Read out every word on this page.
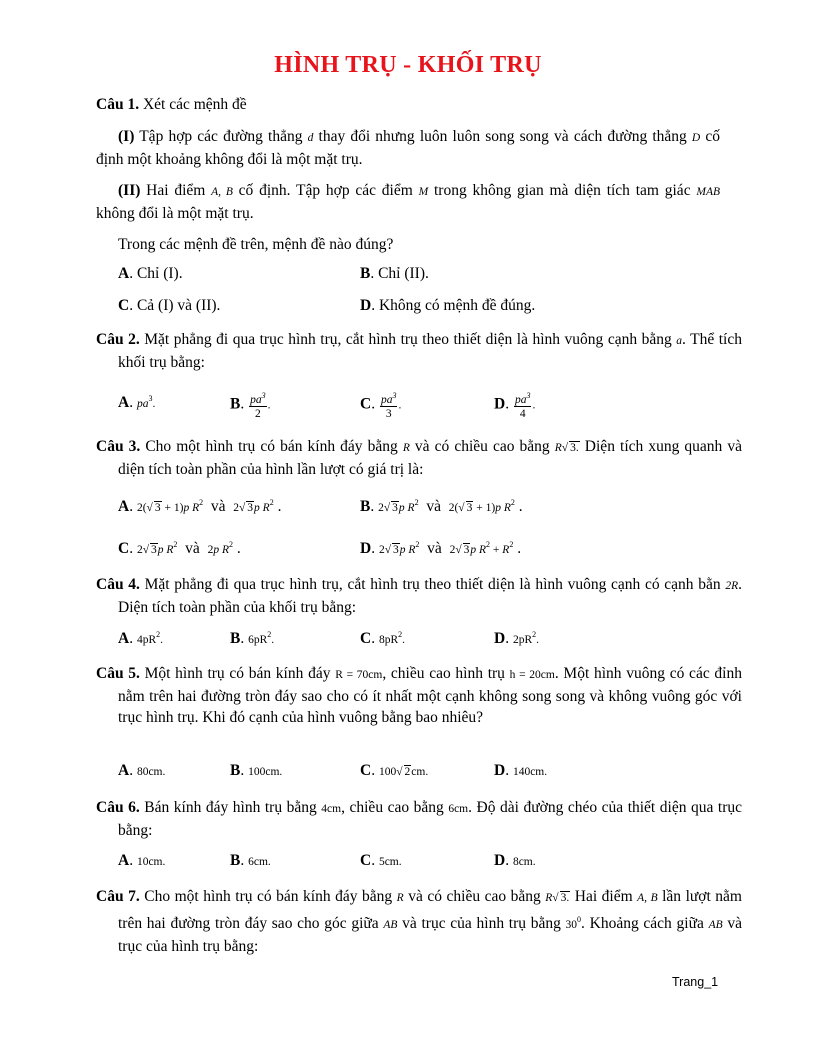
HÌNH TRỤ - KHỐI TRỤ
Câu 1. Xét các mệnh đề
(I) Tập hợp các đường thẳng d thay đổi nhưng luôn luôn song song và cách đường thẳng D cố định một khoảng không đổi là một mặt trụ.
(II) Hai điểm A, B cố định. Tập hợp các điểm M trong không gian mà diện tích tam giác MAB không đổi là một mặt trụ.
Trong các mệnh đề trên, mệnh đề nào đúng?
A. Chỉ (I).	B. Chỉ (II).
C. Cả (I) và (II).	D. Không có mệnh đề đúng.
Câu 2. Mặt phẳng đi qua trục hình trụ, cắt hình trụ theo thiết diện là hình vuông cạnh bằng a. Thể tích khối trụ bằng:
A. $pa^3$.	B. $\frac{pa^3}{2}$ .	C. $\frac{pa^3}{3}$ .	D. $\frac{pa^3}{4}$ .
Câu 3. Cho một hình trụ có bán kính đáy bằng R và có chiều cao bằng R√ 3. Diện tích xung quanh và diện tích toàn phần của hình lần lượt có giá trị là:
A. 2(√ 3 + 1)p $R^2$ và 2√ 3p $R^2$ .	B. 2√ 3p $R^2$ và 2(√ 3 + 1)p $R^2$ .
C. 2√ 3p $R^2$ và 2p $R^2$ .	D. 2√ 3p $R^2$ và 2√ 3p $R^2 + R^2$ .
Câu 4. Mặt phẳng đi qua trục hình trụ, cắt hình trụ theo thiết diện là hình vuông cạnh có cạnh bằn 2R. Diện tích toàn phần của khối trụ bằng:
A. $4pR^2$.	B. $6pR^2$.	C. $8pR^2$.	D. $2pR^2$.
Câu 5. Một hình trụ có bán kính đáy R = 70cm, chiều cao hình trụ h = 20cm. Một hình vuông có các đỉnh nằm trên hai đường tròn đáy sao cho có ít nhất một cạnh không song song và không vuông góc với trục hình trụ. Khi đó cạnh của hình vuông bằng bao nhiêu?
A. 80cm.	B. 100cm.	C. 100√ 2cm.	D. 140cm.
Câu 6. Bán kính đáy hình trụ bằng 4cm, chiều cao bằng 6cm. Độ dài đường chéo của thiết diện qua trục bằng:
A. 10cm.	B. 6cm.	C. 5cm.	D. 8cm.
Câu 7. Cho một hình trụ có bán kính đáy bằng R và có chiều cao bằng R√ 3. Hai điểm A, B lần lượt nằm trên hai đường tròn đáy sao cho góc giữa AB và trục của hình trụ bằng $30^0$. Khoảng cách giữa AB và trục của hình trụ bằng:
Trang_1
